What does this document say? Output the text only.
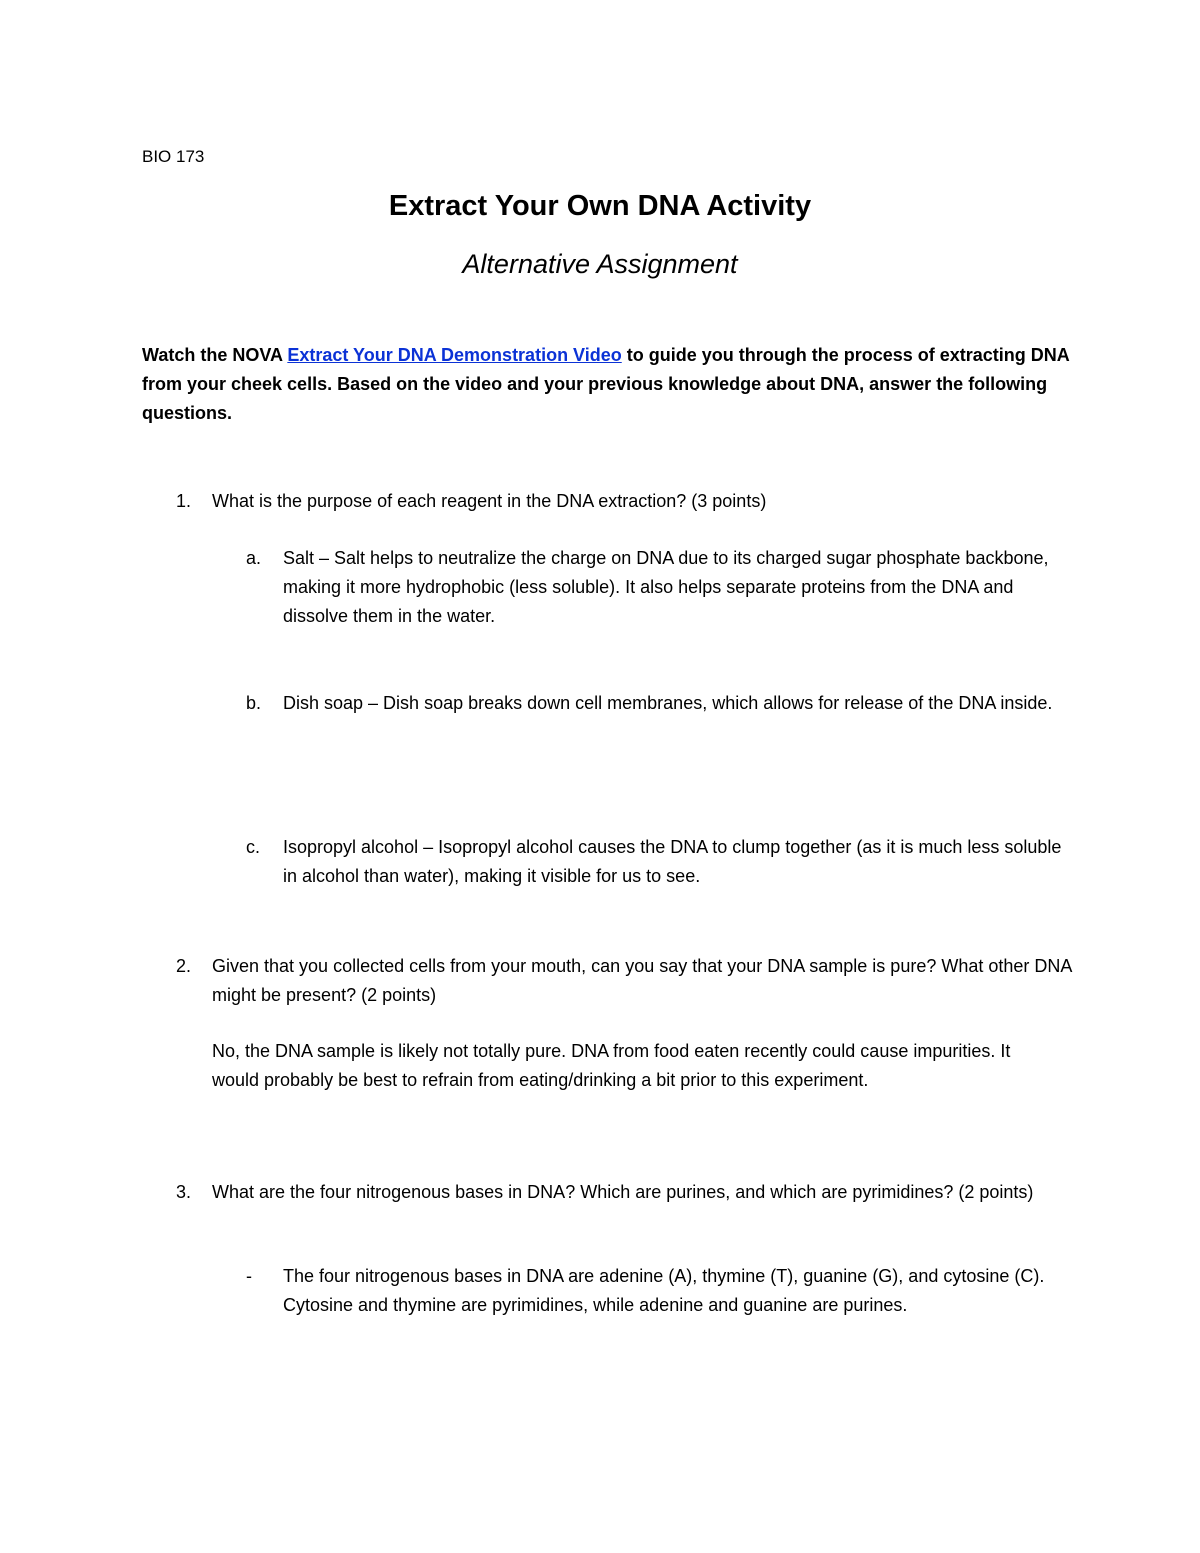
BIO 173
Extract Your Own DNA Activity
Alternative Assignment
Watch the NOVA Extract Your DNA Demonstration Video to guide you through the process of extracting DNA from your cheek cells. Based on the video and your previous knowledge about DNA, answer the following questions.
1. What is the purpose of each reagent in the DNA extraction? (3 points)
a. Salt – Salt helps to neutralize the charge on DNA due to its charged sugar phosphate backbone, making it more hydrophobic (less soluble). It also helps separate proteins from the DNA and dissolve them in the water.
b. Dish soap – Dish soap breaks down cell membranes, which allows for release of the DNA inside.
c. Isopropyl alcohol – Isopropyl alcohol causes the DNA to clump together (as it is much less soluble in alcohol than water), making it visible for us to see.
2. Given that you collected cells from your mouth, can you say that your DNA sample is pure? What other DNA might be present? (2 points)
No, the DNA sample is likely not totally pure. DNA from food eaten recently could cause impurities. It would probably be best to refrain from eating/drinking a bit prior to this experiment.
3. What are the four nitrogenous bases in DNA? Which are purines, and which are pyrimidines? (2 points)
- The four nitrogenous bases in DNA are adenine (A), thymine (T), guanine (G), and cytosine (C). Cytosine and thymine are pyrimidines, while adenine and guanine are purines.
